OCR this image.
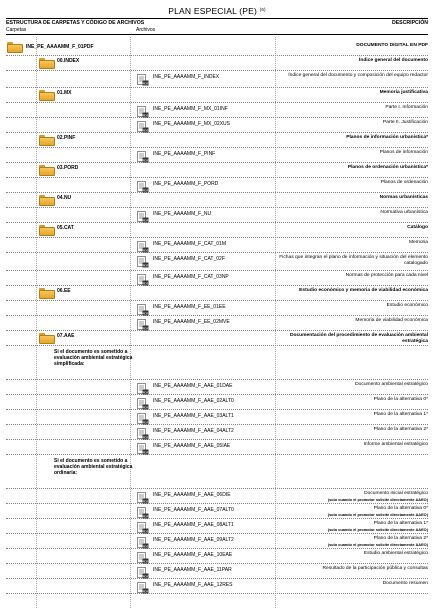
PLAN ESPECIAL (PE) $^{(6)}$
ESTRUCTURA DE CARPETAS Y CÓDIGO DE ARCHIVOS	DESCRIPCIÓN
Carpetas	Archivos
INE_PE_AAAAMM_F_01PDF	DOCUMENTO DIGITAL EN PDF
00.INDEX	Índice general del documento
PDF
INE_PE_AAAAMM_F_INDEX	Índice general del documento y composición del equipo redactor
01.MX	Memoria justificativa
PDF
INE_PE_AAAAMM_F_MX_01INF	Parte I. Información
PDF
INE_PE_AAAAMM_F_MX_02XUS	Parte II. Justificación
02.PINF	Planos de información urbanística*
PDF
INE_PE_AAAAMM_F_PINF	Planos de información
03.PORD	Planos de ordenación urbanística*
PDF
INE_PE_AAAAMM_F_PORD	Planos de ordenación
04.NU	Normas urbanísticas
PDF
INE_PE_AAAAMM_F_NU	Normativa urbanística
05.CAT	Catálogo
PDF
INE_PE_AAAAMM_F_CAT_01M	Memoria
PDF
INE_PE_AAAAMM_F_CAT_02F	Fichas que integran el plano de información y situación del elemento catalogado
PDF
INE_PE_AAAAMM_F_CAT_03NP	Normas de protección para cada nivel
06.EE	Estudio económico y memoria de viabilidad económica
PDF
INE_PE_AAAAMM_F_EE_01EE	Estudio económico
PDF
INE_PE_AAAAMM_F_EE_02MVE	Memoria de viabilidad económica
07.AAE	Documentación del procedimiento de evaluación ambiental estratégica
Si el documento es sometido a evaluación ambiental estratégica simplificada:
PDF
INE_PE_AAAAMM_F_AAE_01DAE	Documento ambiental estratégico
PDF
INE_PE_AAAAMM_F_AAE_02ALT0	Plano de la alternativa 0*
PDF
INE_PE_AAAAMM_F_AAE_03ALT1	Plano de la alternativa 1*
PDF
INE_PE_AAAAMM_F_AAE_04ALT2	Plano de la alternativa 2*
PDF
INE_PE_AAAAMM_F_AAE_05IAE	Informe ambiental estratégico
Si el documento es sometido a evaluación ambiental estratégica ordinaria:
PDF
INE_PE_AAAAMM_F_AAE_06DIE	Documento inicial estratégico
(solo cuando el promotor solicite directamente AAEO)
PDF
INE_PE_AAAAMM_F_AAE_07ALT0	Plano de la alternativa 0*
(solo cuando el promotor solicite directamente AAEO)
PDF
INE_PE_AAAAMM_F_AAE_08ALT1	Plano de la alternativa 1*
(solo cuando el promotor solicite directamente AAEO)
PDF
INE_PE_AAAAMM_F_AAE_09ALT2	Plano de la alternativa 2*
(solo cuando el promotor solicite directamente AAEO)
PDF
INE_PE_AAAAMM_F_AAE_10EAE	Estudio ambiental estratégico
PDF
INE_PE_AAAAMM_F_AAE_11PAR	Resultado de la participación pública y consultas
PDF
INE_PE_AAAAMM_F_AAE_12RES	Documento resumen
